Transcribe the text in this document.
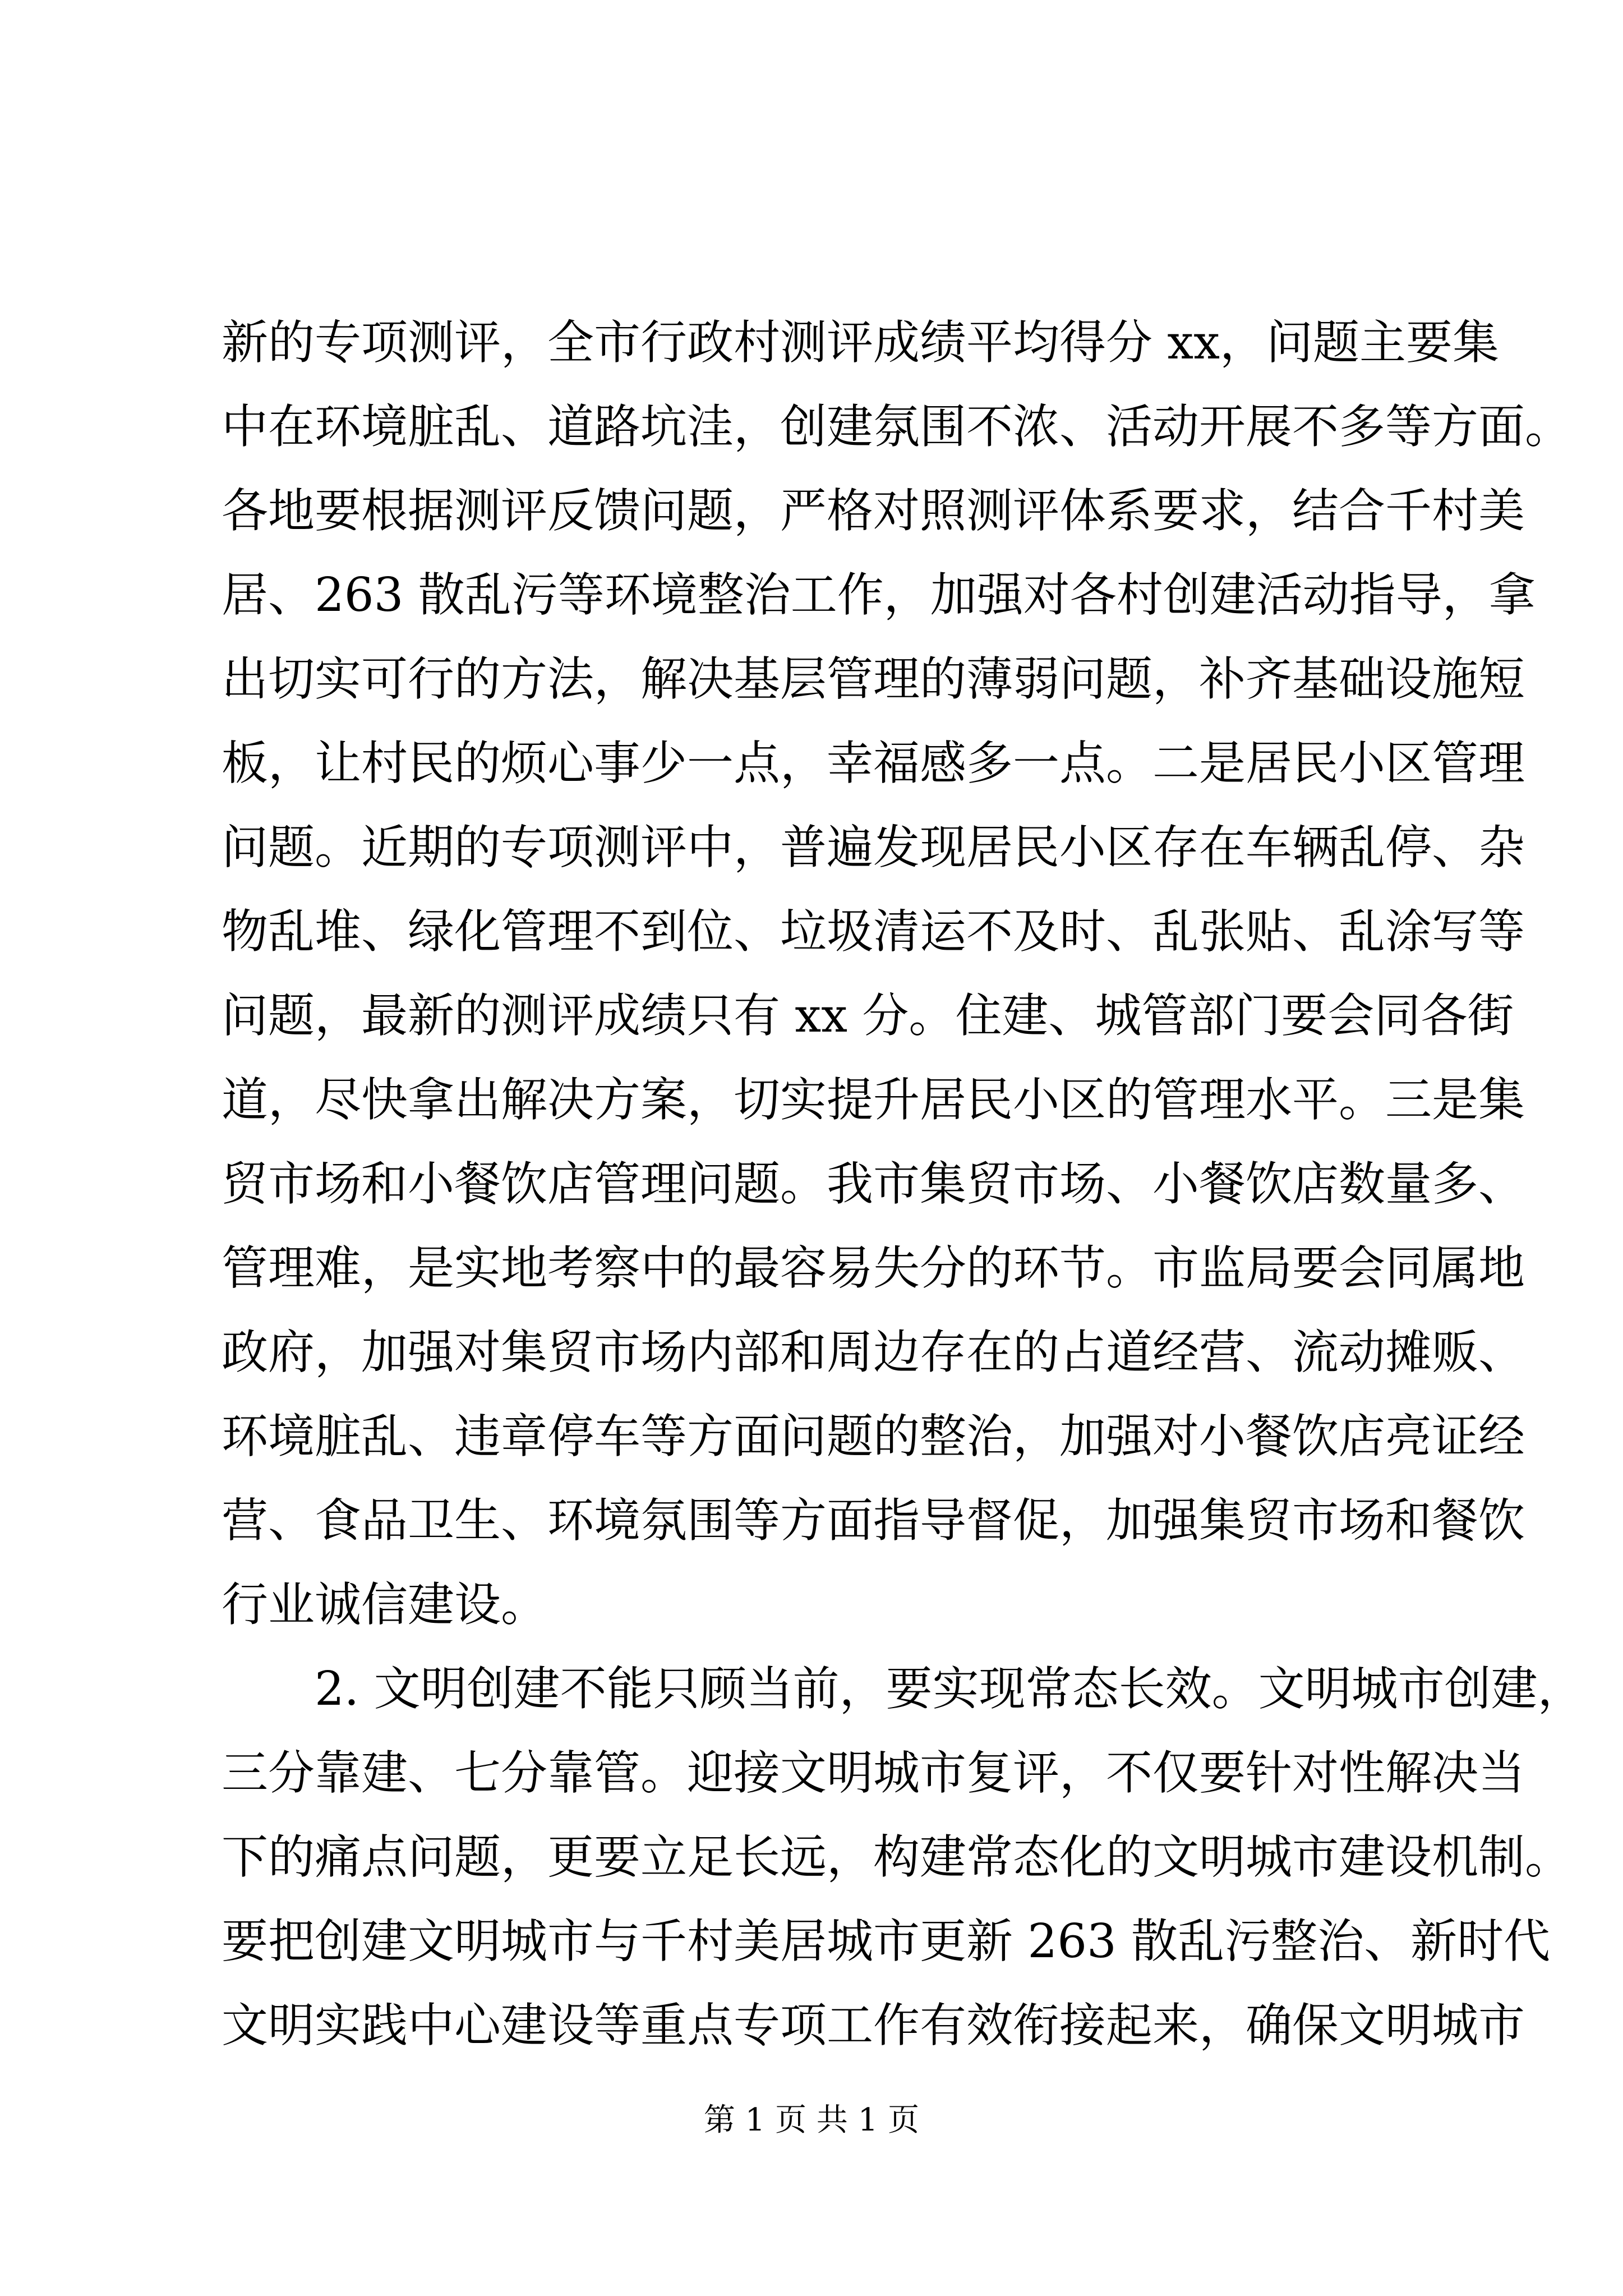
新的专项测评，全市行政村测评成绩平均得分 xx，问题主要集
中在环境脏乱、道路坑洼，创建氛围不浓、活动开展不多等方面。
各地要根据测评反馈问题，严格对照测评体系要求，结合千村美
居、263 散乱污等环境整治工作，加强对各村创建活动指导，拿
出切实可行的方法，解决基层管理的薄弱问题，补齐基础设施短
板，让村民的烦心事少一点，幸福感多一点。二是居民小区管理
问题。近期的专项测评中，普遍发现居民小区存在车辆乱停、杂
物乱堆、绿化管理不到位、垃圾清运不及时、乱张贴、乱涂写等
问题，最新的测评成绩只有 xx 分。住建、城管部门要会同各街
道，尽快拿出解决方案，切实提升居民小区的管理水平。三是集
贸市场和小餐饮店管理问题。我市集贸市场、小餐饮店数量多、
管理难，是实地考察中的最容易失分的环节。市监局要会同属地
政府，加强对集贸市场内部和周边存在的占道经营、流动摊贩、
环境脏乱、违章停车等方面问题的整治，加强对小餐饮店亮证经
营、食品卫生、环境氛围等方面指导督促，加强集贸市场和餐饮
行业诚信建设。
2. 文明创建不能只顾当前，要实现常态长效。文明城市创建，
三分靠建、七分靠管。迎接文明城市复评，不仅要针对性解决当
下的痛点问题，更要立足长远，构建常态化的文明城市建设机制。
要把创建文明城市与千村美居城市更新 263 散乱污整治、新时代
文明实践中心建设等重点专项工作有效衔接起来，确保文明城市
第 1 页 共 1 页
